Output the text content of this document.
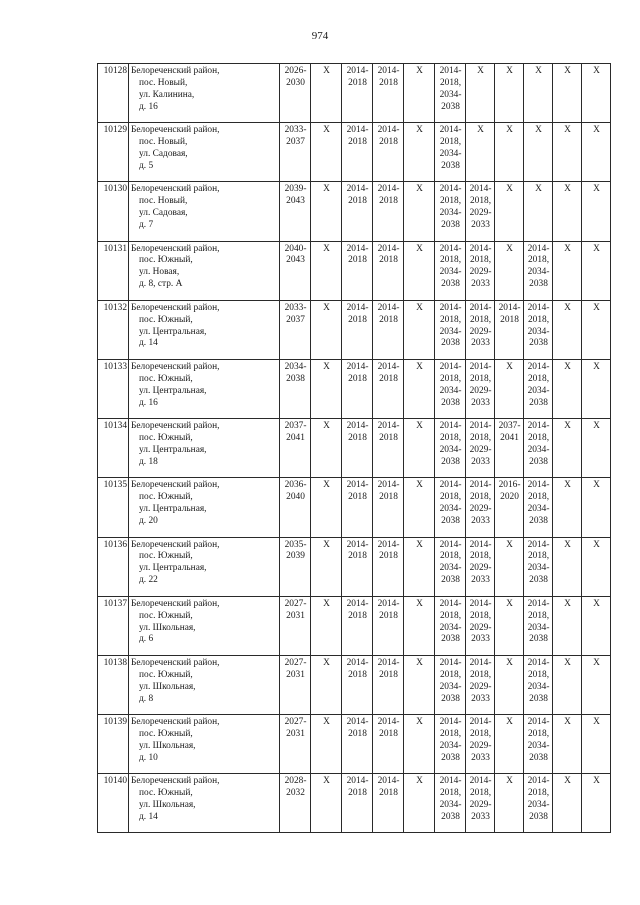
974
10128	Белореченский район,
пос. Новый,
ул. Калинина,
д. 16	2026-
2030	X	2014-
2018	2014-
2018	X	2014-
2018,
2034-
2038	X	X	X	X	X

10129	Белореченский район,
пос. Новый,
ул. Садовая,
д. 5	2033-
2037	X	2014-
2018	2014-
2018	X	2014-
2018,
2034-
2038	X	X	X	X	X

10130	Белореченский район,
пос. Новый,
ул. Садовая,
д. 7	2039-
2043	X	2014-
2018	2014-
2018	X	2014-
2018,
2034-
2038	2014-
2018,
2029-
2033	X	X	X	X

10131	Белореченский район,
пос. Южный,
ул. Новая,
д. 8, стр. А	2040-
2043	X	2014-
2018	2014-
2018	X	2014-
2018,
2034-
2038	2014-
2018,
2029-
2033	X	2014-
2018,
2034-
2038	X	X

10132	Белореченский район,
пос. Южный,
ул. Центральная,
д. 14	2033-
2037	X	2014-
2018	2014-
2018	X	2014-
2018,
2034-
2038	2014-
2018,
2029-
2033	2014-
2018	2014-
2018,
2034-
2038	X	X

10133	Белореченский район,
пос. Южный,
ул. Центральная,
д. 16	2034-
2038	X	2014-
2018	2014-
2018	X	2014-
2018,
2034-
2038	2014-
2018,
2029-
2033	X	2014-
2018,
2034-
2038	X	X

10134	Белореченский район,
пос. Южный,
ул. Центральная,
д. 18	2037-
2041	X	2014-
2018	2014-
2018	X	2014-
2018,
2034-
2038	2014-
2018,
2029-
2033	2037-
2041	2014-
2018,
2034-
2038	X	X

10135	Белореченский район,
пос. Южный,
ул. Центральная,
д. 20	2036-
2040	X	2014-
2018	2014-
2018	X	2014-
2018,
2034-
2038	2014-
2018,
2029-
2033	2016-
2020	2014-
2018,
2034-
2038	X	X

10136	Белореченский район,
пос. Южный,
ул. Центральная,
д. 22	2035-
2039	X	2014-
2018	2014-
2018	X	2014-
2018,
2034-
2038	2014-
2018,
2029-
2033	X	2014-
2018,
2034-
2038	X	X

10137	Белореченский район,
пос. Южный,
ул. Школьная,
д. 6	2027-
2031	X	2014-
2018	2014-
2018	X	2014-
2018,
2034-
2038	2014-
2018,
2029-
2033	X	2014-
2018,
2034-
2038	X	X

10138	Белореченский район,
пос. Южный,
ул. Школьная,
д. 8	2027-
2031	X	2014-
2018	2014-
2018	X	2014-
2018,
2034-
2038	2014-
2018,
2029-
2033	X	2014-
2018,
2034-
2038	X	X

10139	Белореченский район,
пос. Южный,
ул. Школьная,
д. 10	2027-
2031	X	2014-
2018	2014-
2018	X	2014-
2018,
2034-
2038	2014-
2018,
2029-
2033	X	2014-
2018,
2034-
2038	X	X

10140	Белореченский район,
пос. Южный,
ул. Школьная,
д. 14	2028-
2032	X	2014-
2018	2014-
2018	X	2014-
2018,
2034-
2038	2014-
2018,
2029-
2033	X	2014-
2018,
2034-
2038	X	X
